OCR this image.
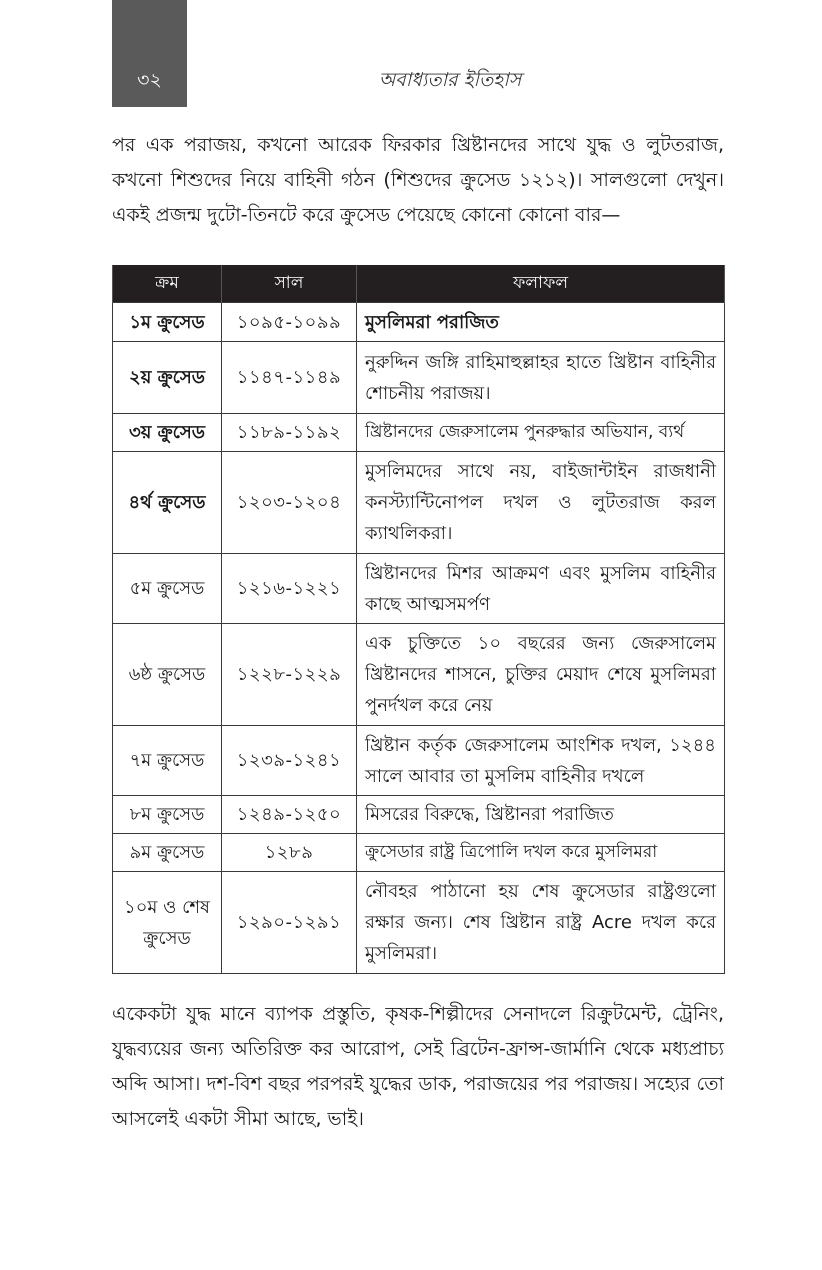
৩২	অবাধ্যতার ইতিহাস

পর এক পরাজয়, কখনো আরেক ফিরকার খ্রিষ্টানদের সাথে যুদ্ধ ও লুটতরাজ, কখনো শিশুদের নিয়ে বাহিনী গঠন (শিশুদের ক্রুসেড ১২১২)। সালগুলো দেখুন। একই প্রজন্ম দুটো-তিনটে করে ক্রুসেড পেয়েছে কোনো কোনো বার—

ক্রম	সাল	ফলাফল
১ম ক্রুসেড	১০৯৫-১০৯৯	মুসলিমরা পরাজিত
২য় ক্রুসেড	১১৪৭-১১৪৯	নুরুদ্দিন জঙ্গি রাহিমাহুল্লাহর হাতে খ্রিষ্টান বাহিনীর শোচনীয় পরাজয়।
৩য় ক্রুসেড	১১৮৯-১১৯২	খ্রিষ্টানদের জেরুসালেম পুনরুদ্ধার অভিযান, ব্যর্থ
৪র্থ ক্রুসেড	১২০৩-১২০৪	মুসলিমদের সাথে নয়, বাইজান্টাইন রাজধানী কনস্ট্যান্টিনোপল দখল ও লুটতরাজ করল ক্যাথলিকরা।
৫ম ক্রুসেড	১২১৬-১২২১	খ্রিষ্টানদের মিশর আক্রমণ এবং মুসলিম বাহিনীর কাছে আত্মসমর্পণ
৬ষ্ঠ ক্রুসেড	১২২৮-১২২৯	এক চুক্তিতে ১০ বছরের জন্য জেরুসালেম খ্রিষ্টানদের শাসনে, চুক্তির মেয়াদ শেষে মুসলিমরা পুনর্দখল করে নেয়
৭ম ক্রুসেড	১২৩৯-১২৪১	খ্রিষ্টান কর্তৃক জেরুসালেম আংশিক দখল, ১২৪৪ সালে আবার তা মুসলিম বাহিনীর দখলে
৮ম ক্রুসেড	১২৪৯-১২৫০	মিসরের বিরুদ্ধে, খ্রিষ্টানরা পরাজিত
৯ম ক্রুসেড	১২৮৯	ক্রুসেডার রাষ্ট্র ত্রিপোলি দখল করে মুসলিমরা
১০ম ও শেষ ক্রুসেড	১২৯০-১২৯১	নৌবহর পাঠানো হয় শেষ ক্রুসেডার রাষ্ট্রগুলো রক্ষার জন্য। শেষ খ্রিষ্টান রাষ্ট্র Acre দখল করে মুসলিমরা।

একেকটা যুদ্ধ মানে ব্যাপক প্রস্তুতি, কৃষক-শিল্পীদের সেনাদলে রিক্রুটমেন্ট, ট্রেনিং, যুদ্ধব্যয়ের জন্য অতিরিক্ত কর আরোপ, সেই ব্রিটেন-ফ্রান্স-জার্মানি থেকে মধ্যপ্রাচ্য অব্দি আসা। দশ-বিশ বছর পরপরই যুদ্ধের ডাক, পরাজয়ের পর পরাজয়। সহ্যের তো আসলেই একটা সীমা আছে, ভাই।
